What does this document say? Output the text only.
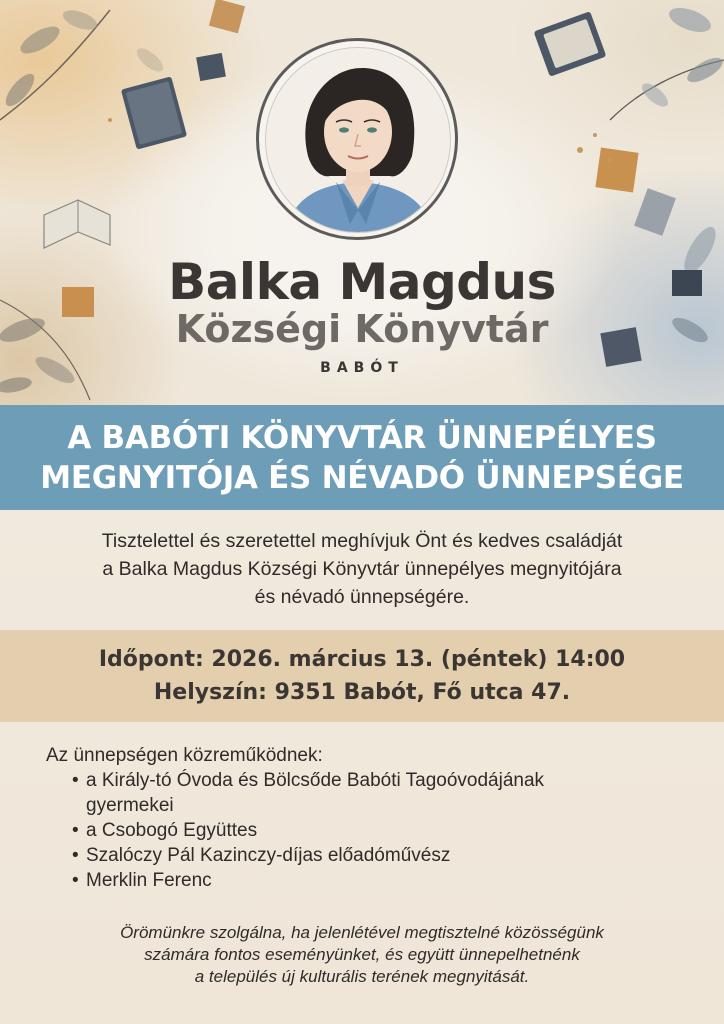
Balka Magdus
Községi Könyvtár
BABÓT
A BABÓTI KÖNYVTÁR ÜNNEPÉLYES
MEGNYITÓJA ÉS NÉVADÓ ÜNNEPSÉGE
Tisztelettel és szeretettel meghívjuk Önt és kedves családját
a Balka Magdus Községi Könyvtár ünnepélyes megnyitójára
és névadó ünnepségére.
Időpont: 2026. március 13. (péntek) 14:00
Helyszín: 9351 Babót, Fő utca 47.
Az ünnepségen közreműködnek:
• a Király-tó Óvoda és Bölcsőde Babóti Tagoóvodájának
gyermekei
• a Csobogó Együttes
• Szalóczy Pál Kazinczy-díjas előadóművész
• Merklin Ferenc
Örömünkre szolgálna, ha jelenlétével megtisztelné közösségünk
számára fontos eseményünket, és együtt ünnepelhetnénk
a település új kulturális terének megnyitását.
